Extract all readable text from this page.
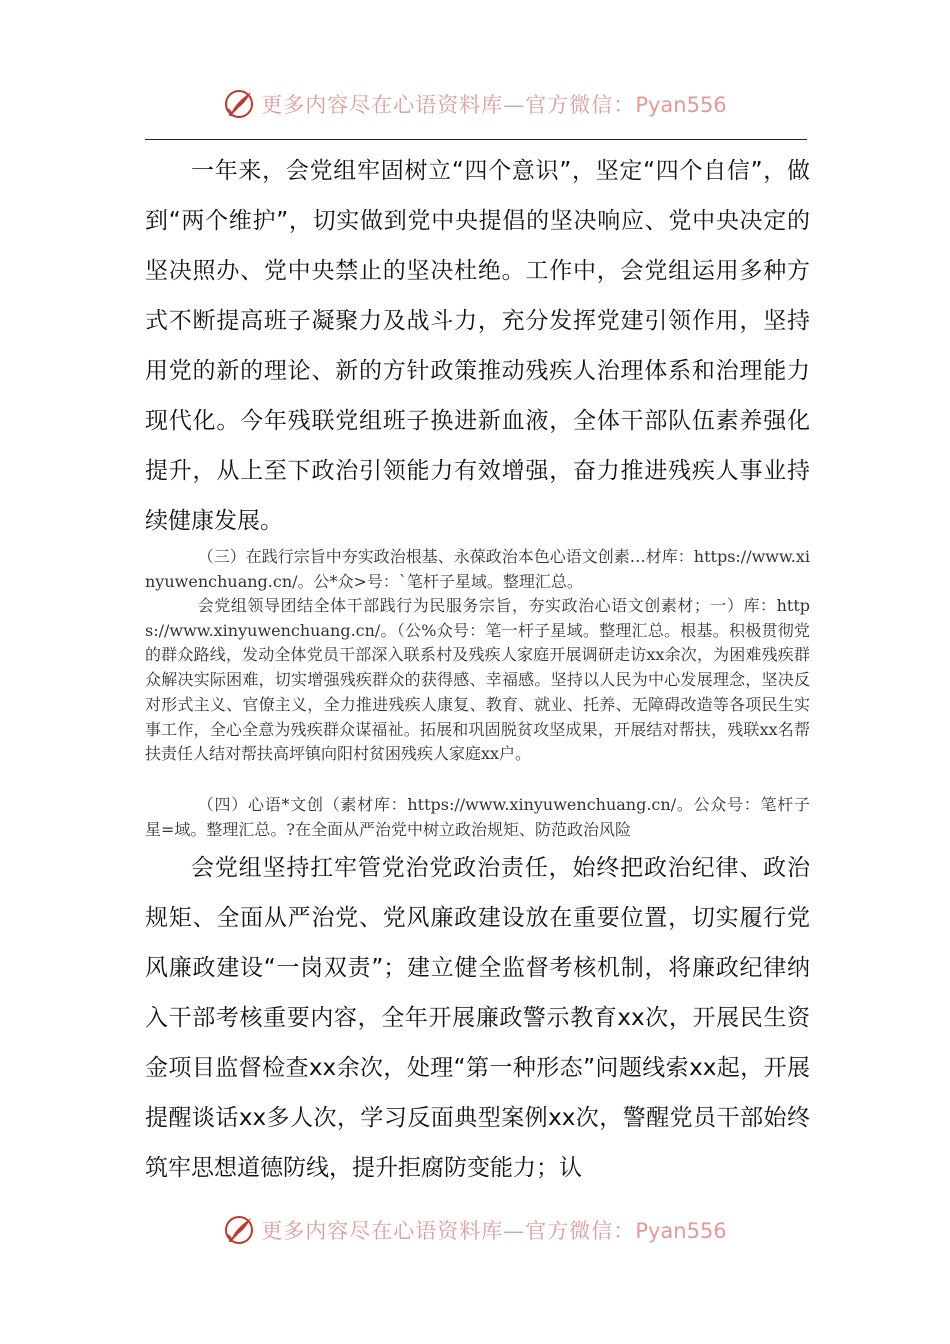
更多内容尽在心语资料库—官方微信：Pyan556

一年来，会党组牢固树立“四个意识”，坚定“四个自信”，做到“两个维护”，切实做到党中央提倡的坚决响应、党中央决定的坚决照办、党中央禁止的坚决杜绝。工作中，会党组运用多种方式不断提高班子凝聚力及战斗力，充分发挥党建引领作用，坚持用党的新的理论、新的方针政策推动残疾人治理体系和治理能力现代化。今年残联党组班子换进新血液，全体干部队伍素养强化提升，从上至下政治引领能力有效增强，奋力推进残疾人事业持续健康发展。

（三）在践行宗旨中夯实政治根基、永葆政治本色心语文创素…材库：https://www.xinyuwenchuang.cn/。公*众>号：`笔杆子星域。整理汇总。

会党组领导团结全体干部践行为民服务宗旨，夯实政治心语文创素材；一）库：https://www.xinyuwenchuang.cn/。（公%众号：笔一杆子星域。整理汇总。根基。积极贯彻党的群众路线，发动全体党员干部深入联系村及残疾人家庭开展调研走访xx余次，为困难残疾群众解决实际困难，切实增强残疾群众的获得感、幸福感。坚持以人民为中心发展理念，坚决反对形式主义、官僚主义，全力推进残疾人康复、教育、就业、托养、无障碍改造等各项民生实事工作，全心全意为残疾群众谋福祉。拓展和巩固脱贫攻坚成果，开展结对帮扶，残联xx名帮扶责任人结对帮扶高坪镇向阳村贫困残疾人家庭xx户。

（四）心语*文创（素材库：https://www.xinyuwenchuang.cn/。公众号：笔杆子星=域。整理汇总。?在全面从严治党中树立政治规矩、防范政治风险

会党组坚持扛牢管党治党政治责任，始终把政治纪律、政治规矩、全面从严治党、党风廉政建设放在重要位置，切实履行党风廉政建设“一岗双责”；建立健全监督考核机制，将廉政纪律纳入干部考核重要内容，全年开展廉政警示教育xx次，开展民生资金项目监督检查xx余次，处理“第一种形态”问题线索xx起，开展提醒谈话xx多人次，学习反面典型案例xx次，警醒党员干部始终筑牢思想道德防线，提升拒腐防变能力；认

更多内容尽在心语资料库—官方微信：Pyan556
